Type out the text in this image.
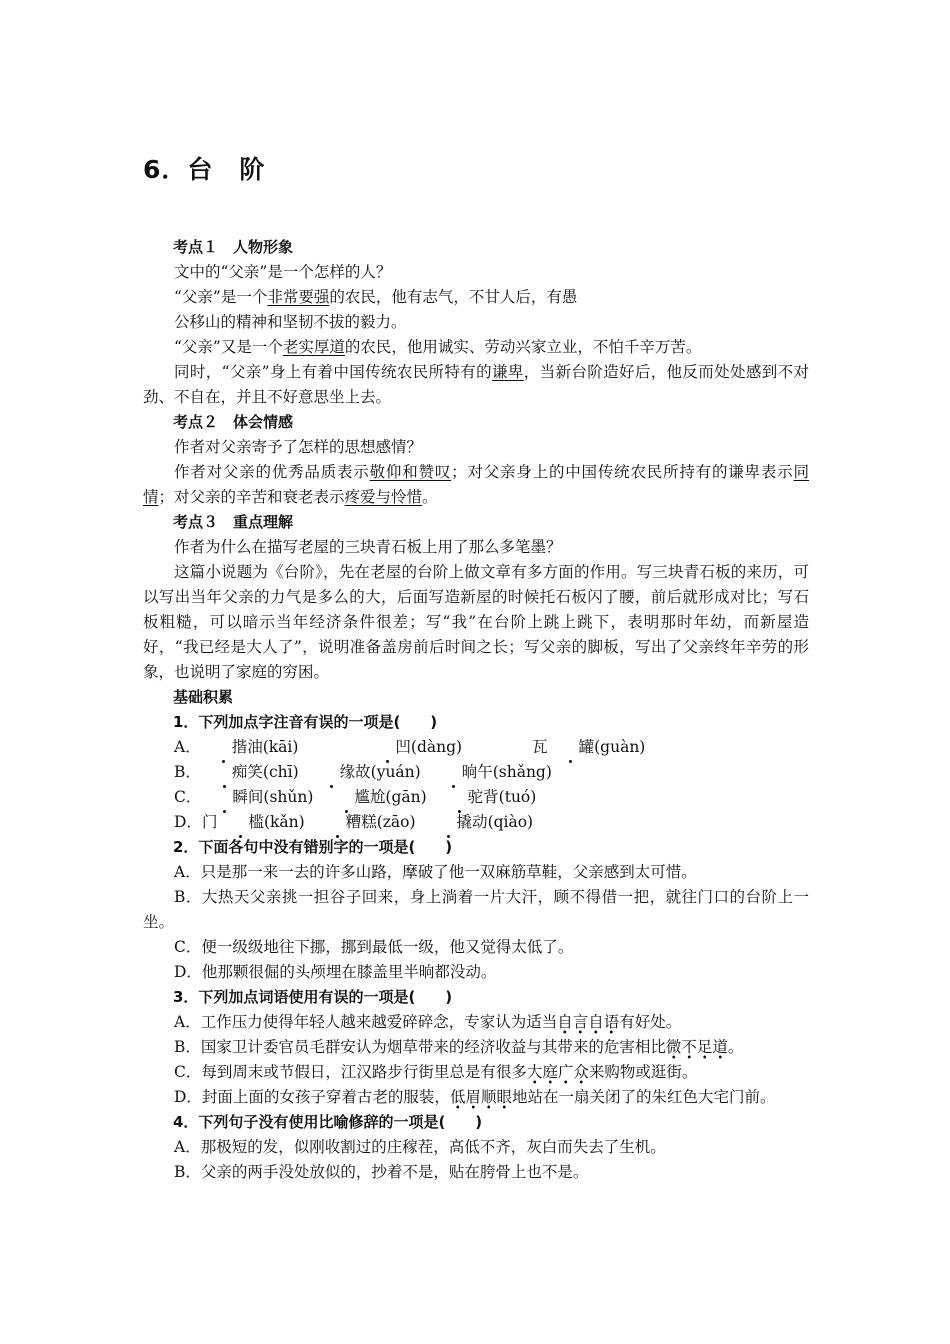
6．台　阶

考点１　人物形象

文中的“父亲”是一个怎样的人？

“父亲”是一个非常要强的农民，他有志气，不甘人后，有愚

公移山的精神和坚韧不拔的毅力。

“父亲”又是一个老实厚道的农民，他用诚实、劳动兴家立业，不怕千辛万苦。

同时，“父亲”身上有着中国传统农民所特有的谦卑，当新台阶造好后，他反而处处感到不对劲、不自在，并且不好意思坐上去。

考点２　体会情感

作者对父亲寄予了怎样的思想感情？

作者对父亲的优秀品质表示敬仰和赞叹；对父亲身上的中国传统农民所持有的谦卑表示同情；对父亲的辛苦和衰老表示疼爱与怜惜。

考点３　重点理解

作者为什么在描写老屋的三块青石板上用了那么多笔墨？

这篇小说题为《台阶》，先在老屋的台阶上做文章有多方面的作用。写三块青石板的来历，可以写出当年父亲的力气是多么的大，后面写造新屋的时候托石板闪了腰，前后就形成对比；写石板粗糙，可以暗示当年经济条件很差；写“我”在台阶上跳上跳下，表明那时年幼，而新屋造好，“我已经是大人了”，说明准备盖房前后时间之长；写父亲的脚板，写出了父亲终年辛劳的形象，也说明了家庭的穷困。

基础积累

1．下列加点字注音有误的一项是(　　)

A． 揩油(kāi)	凹(dàng)	瓦 罐(guàn)

B． 痴笑(chī)	缘故(yuán)	晌午(shǎng)

C． 瞬间(shǔn)	尴尬(gān)	驼背(tuó)

D．门 槛(kǎn)	糟糕(zāo)	撬动(qiào)

2．下面各句中没有错别字的一项是(　　)

A．只是那一来一去的许多山路，摩破了他一双麻筋草鞋，父亲感到太可惜。

B．大热天父亲挑一担谷子回来，身上淌着一片大汗，顾不得借一把，就往门口的台阶上一坐。

C．便一级级地往下挪，挪到最低一级，他又觉得太低了。

D．他那颗很倔的头颅埋在膝盖里半晌都没动。

3．下列加点词语使用有误的一项是(　　)

A．工作压力使得年轻人越来越爱碎碎念，专家认为适当自言自语有好处。

B．国家卫计委官员毛群安认为烟草带来的经济收益与其带来的危害相比微不足道。

C．每到周末或节假日，江汉路步行街里总是有很多大庭广众来购物或逛街。

D．封面上面的女孩子穿着古老的服装，低眉顺眼地站在一扇关闭了的朱红色大宅门前。

4．下列句子没有使用比喻修辞的一项是(　　)

A．那极短的发，似刚收割过的庄稼茬，高低不齐，灰白而失去了生机。

B．父亲的两手没处放似的，抄着不是，贴在胯骨上也不是。
